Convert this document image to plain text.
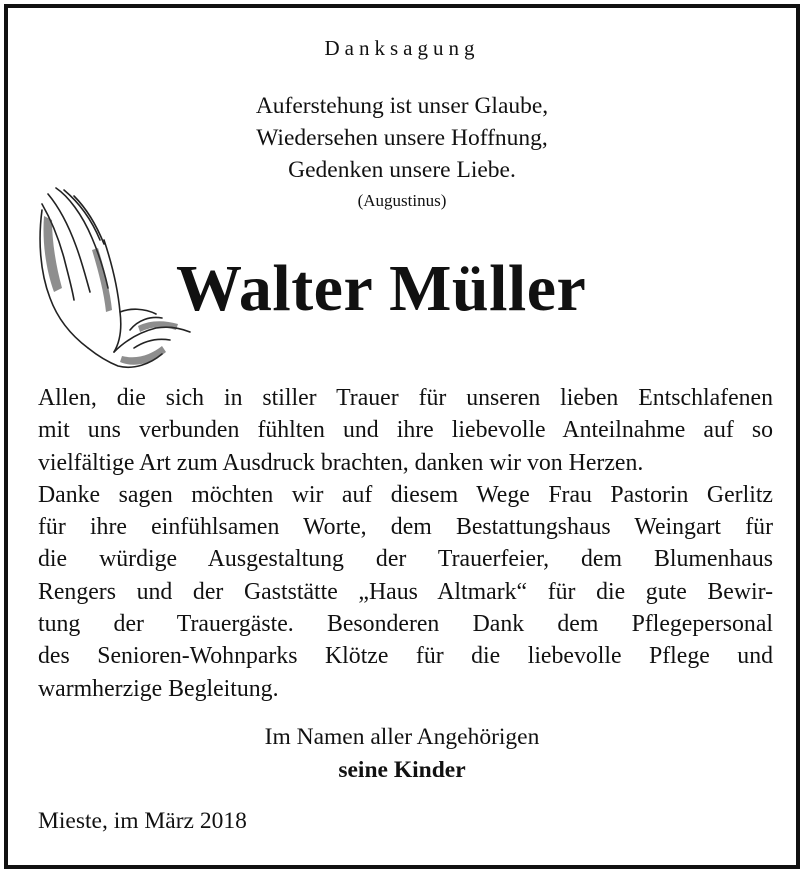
Danksagung
Auferstehung ist unser Glaube,
Wiedersehen unsere Hoffnung,
Gedenken unsere Liebe.
(Augustinus)
Walter Müller
Allen, die sich in stiller Trauer für unseren lieben Entschlafenen
mit uns verbunden fühlten und ihre liebevolle Anteilnahme auf so
vielfältige Art zum Ausdruck brachten, danken wir von Herzen.
Danke sagen möchten wir auf diesem Wege Frau Pastorin Gerlitz
für ihre einfühlsamen Worte, dem Bestattungshaus Weingart für
die würdige Ausgestaltung der Trauerfeier, dem Blumenhaus
Rengers und der Gaststätte „Haus Altmark“ für die gute Bewir-
tung der Trauergäste. Besonderen Dank dem Pflegepersonal
des Senioren-Wohnparks Klötze für die liebevolle Pflege und
warmherzige Begleitung.
Im Namen aller Angehörigen
seine Kinder
Mieste, im März 2018
